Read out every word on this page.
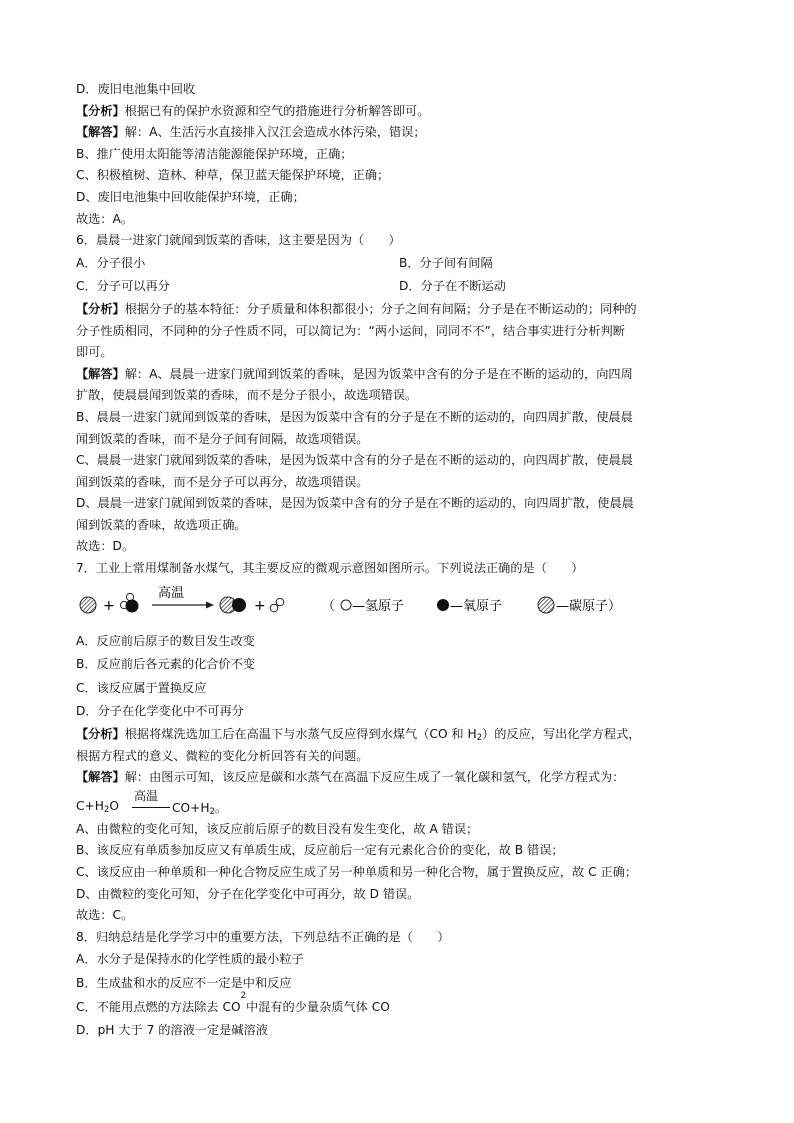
D．废旧电池集中回收
【分析】根据已有的保护水资源和空气的措施进行分析解答即可。
【解答】解：A、生活污水直接排入汉江会造成水体污染，错误；
B、推广使用太阳能等清洁能源能保护环境，正确；
C、积极植树、造林、种草，保卫蓝天能保护环境，正确；
D、废旧电池集中回收能保护环境，正确；
故选：A。
6．晨晨一进家门就闻到饭菜的香味，这主要是因为（　　）
A．分子很小	B．分子间有间隔
C．分子可以再分	D．分子在不断运动
【分析】根据分子的基本特征：分子质量和体积都很小；分子之间有间隔；分子是在不断运动的；同种的
分子性质相同，不同种的分子性质不同，可以简记为：“两小运间，同同不不”，结合事实进行分析判断
即可。
【解答】解：A、晨晨一进家门就闻到饭菜的香味，是因为饭菜中含有的分子是在不断的运动的，向四周
扩散，使晨晨闻到饭菜的香味，而不是分子很小，故选项错误。
B、晨晨一进家门就闻到饭菜的香味，是因为饭菜中含有的分子是在不断的运动的，向四周扩散，使晨晨
闻到饭菜的香味，而不是分子间有间隔，故选项错误。
C、晨晨一进家门就闻到饭菜的香味，是因为饭菜中含有的分子是在不断的运动的，向四周扩散，使晨晨
闻到饭菜的香味，而不是分子可以再分，故选项错误。
D、晨晨一进家门就闻到饭菜的香味，是因为饭菜中含有的分子是在不断的运动的，向四周扩散，使晨晨
闻到饭菜的香味，故选项正确。
故选：D。
7．工业上常用煤制备水煤气，其主要反应的微观示意图如图所示。下列说法正确的是（　　）
+
高温
+	（ —氢原子	—氧原子	—碳原子）
A．反应前后原子的数目发生改变
B．反应前后各元素的化合价不变
C．该反应属于置换反应
D．分子在化学变化中不可再分
【分析】根据将煤洗选加工后在高温下与水蒸气反应得到水煤气（CO 和 $H_2$）的反应，写出化学方程式，
根据方程式的意义、微粒的变化分析回答有关的问题。
【解答】解：由图示可知，该反应是碳和水蒸气在高温下反应生成了一氧化碳和氢气，化学方程式为：
$C+H_2O$
高温
$CO+H_2$。
A、由微粒的变化可知，该反应前后原子的数目没有发生变化，故 A 错误；
B、该反应有单质参加反应又有单质生成，反应前后一定有元素化合价的变化，故 B 错误；
C、该反应由一种单质和一种化合物反应生成了另一种单质和另一种化合物，属于置换反应，故 C 正确；
D、由微粒的变化可知，分子在化学变化中可再分，故 D 错误。
故选：C。
8．归纳总结是化学学习中的重要方法，下列总结不正确的是（　　）
A．水分子是保持水的化学性质的最小粒子
B．生成盐和水的反应不一定是中和反应
C．不能用点燃的方法除去 CO
2
中混有的少量杂质气体 CO
D．pH 大于 7 的溶液一定是碱溶液
